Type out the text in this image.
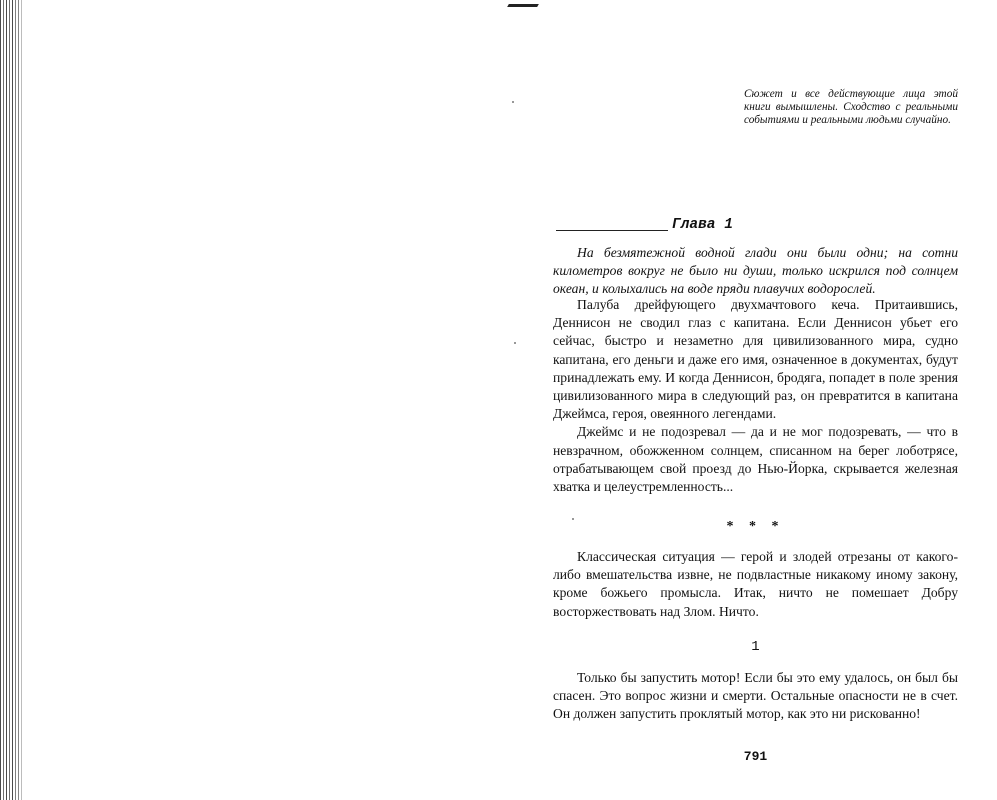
Сюжет и все действующие лица этой книги вымышлены. Сходство с реальными событиями и реальными людьми случайно.

Глава 1

На безмятежной водной глади они были одни; на сотни километров вокруг не было ни души, только искрился под солнцем океан, и колыхались на воде пряди плавучих водорослей.

Палуба дрейфующего двухмачтового кеча. Притаившись, Деннисон не сводил глаз с капитана. Если Деннисон убьет его сейчас, быстро и незаметно для цивилизованного мира, судно капитана, его деньги и даже его имя, означенное в документах, будут принадлежать ему. И когда Деннисон, бродяга, попадет в поле зрения цивилизованного мира в следующий раз, он превратится в капитана Джеймса, героя, овеянного легендами.

Джеймс и не подозревал — да и не мог подозревать, — что в невзрачном, обожженном солнцем, списанном на берег лоботрясе, отрабатывающем свой проезд до Нью-Йорка, скрывается железная хватка и целеустремленность...

* * *

Классическая ситуация — герой и злодей отрезаны от какого-либо вмешательства извне, не подвластные никакому иному закону, кроме божьего промысла. Итак, ничто не помешает Добру восторжествовать над Злом. Ничто.

1

Только бы запустить мотор! Если бы это ему удалось, он был бы спасен. Это вопрос жизни и смерти. Остальные опасности не в счет. Он должен запустить проклятый мотор, как это ни рискованно!

791
